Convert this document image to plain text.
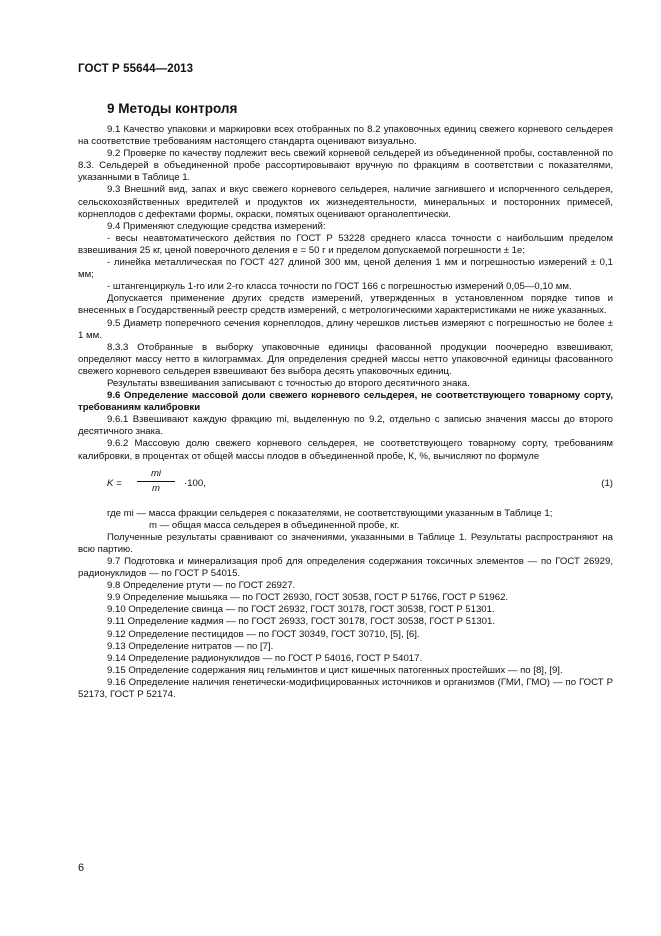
ГОСТ Р 55644—2013
9 Методы контроля

9.1 Качество упаковки и маркировки всех отобранных по 8.2 упаковочных единиц свежего корневого сельдерея на соответствие требованиям настоящего стандарта оценивают визуально.

9.2 Проверке по качеству подлежит весь свежий корневой сельдерей из объединенной пробы, составленной по 8.3. Сельдерей в объединенной пробе рассортировывают вручную по фракциям в соответствии с показателями, указанными в Таблице 1.

9.3 Внешний вид, запах и вкус свежего корневого сельдерея, наличие загнившего и испорченного сельдерея, сельскохозяйственных вредителей и продуктов их жизнедеятельности, минеральных и посторонних примесей, корнеплодов с дефектами формы, окраски, помятых оценивают органолептически.

9.4 Применяют следующие средства измерений:

- весы неавтоматического действия по ГОСТ Р 53228 среднего класса точности с наибольшим пределом взвешивания 25 кг, ценой поверочного деления е = 50 г и пределом допускаемой погрешности ± 1е;

- линейка металлическая по ГОСТ 427 длиной 300 мм, ценой деления 1 мм и погрешностью измерений ± 0,1 мм;

- штангенциркуль 1-го или 2-го класса точности по ГОСТ 166 с погрешностью измерений 0,05—0,10 мм.

Допускается применение других средств измерений, утвержденных в установленном порядке типов и внесенных в Государственный реестр средств измерений, с метрологическими характеристиками не ниже указанных.

9.5 Диаметр поперечного сечения корнеплодов, длину черешков листьев измеряют с погрешностью не более ± 1 мм.

8.3.3 Отобранные в выборку упаковочные единицы фасованной продукции поочередно взвешивают, определяют массу нетто в килограммах. Для определения средней массы нетто упаковочной единицы фасованного свежего корневого сельдерея взвешивают без выбора десять упаковочных единиц.

Результаты взвешивания записывают с точностью до второго десятичного знака.

9.6 Определение массовой доли свежего корневого сельдерея, не соответствующего товарному сорту, требованиям калибровки

9.6.1 Взвешивают каждую фракцию mi, выделенную по 9.2, отдельно с записью значения массы до второго десятичного знака.

9.6.2 Массовую долю свежего корневого сельдерея, не соответствующего товарному сорту, требованиям калибровки, в процентах от общей массы плодов в объединенной пробе, К, %, вычисляют по формуле

K =
mi
m	·100,	(1)

где mi — масса фракции сельдерея с показателями, не соответствующими указанным в Таблице 1;

m — общая масса сельдерея в объединенной пробе, кг.

Полученные результаты сравнивают со значениями, указанными в Таблице 1. Результаты распространяют на всю партию.

9.7 Подготовка и минерализация проб для определения содержания токсичных элементов — по ГОСТ 26929, радионуклидов — по ГОСТ Р 54015.

9.8 Определение ртути — по ГОСТ 26927.

9.9 Определение мышьяка — по ГОСТ 26930, ГОСТ 30538, ГОСТ Р 51766, ГОСТ Р 51962.

9.10 Определение свинца — по ГОСТ 26932, ГОСТ 30178, ГОСТ 30538, ГОСТ Р 51301.

9.11 Определение кадмия — по ГОСТ 26933, ГОСТ 30178, ГОСТ 30538, ГОСТ Р 51301.

9.12 Определение пестицидов — по ГОСТ 30349, ГОСТ 30710, [5], [6].

9.13 Определение нитратов — по [7].

9.14 Определение радионуклидов — по ГОСТ Р 54016, ГОСТ Р 54017.

9.15 Определение содержания яиц гельминтов и цист кишечных патогенных простейших — по [8], [9].

9.16 Определение наличия генетически-модифицированных источников и организмов (ГМИ, ГМО) — по ГОСТ Р 52173, ГОСТ Р 52174.

6
